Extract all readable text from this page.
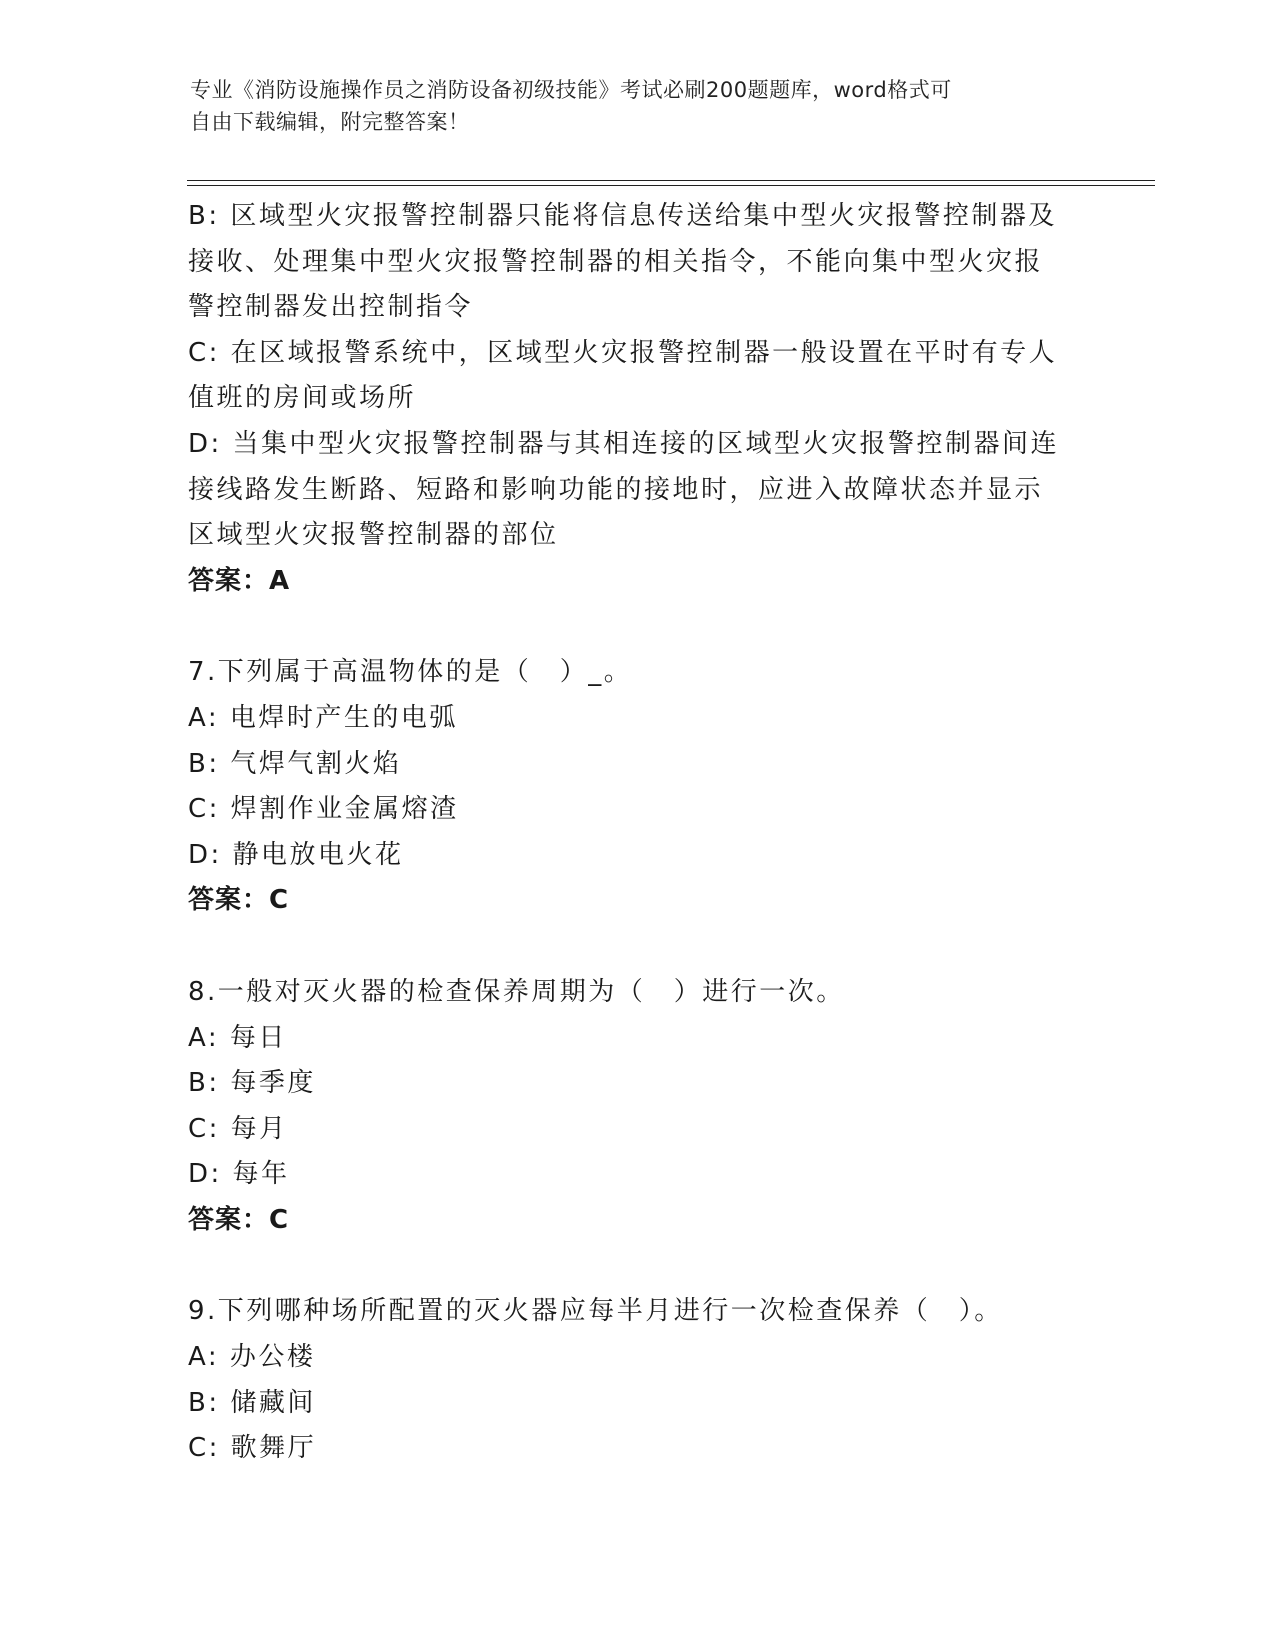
专业《消防设施操作员之消防设备初级技能》考试必刷200题题库，word格式可
自由下载编辑，附完整答案！
B: 区域型火灾报警控制器只能将信息传送给集中型火灾报警控制器及
接收、处理集中型火灾报警控制器的相关指令，不能向集中型火灾报
警控制器发出控制指令
C: 在区域报警系统中，区域型火灾报警控制器一般设置在平时有专人
值班的房间或场所
D: 当集中型火灾报警控制器与其相连接的区域型火灾报警控制器间连
接线路发生断路、短路和影响功能的接地时，应进入故障状态并显示
区域型火灾报警控制器的部位
答案：A
7.下列属于高温物体的是（　）_。
A: 电焊时产生的电弧
B: 气焊气割火焰
C: 焊割作业金属熔渣
D: 静电放电火花
答案：C
8.一般对灭火器的检查保养周期为（　）进行一次。
A: 每日
B: 每季度
C: 每月
D: 每年
答案：C
9.下列哪种场所配置的灭火器应每半月进行一次检查保养（　）。
A: 办公楼
B: 储藏间
C: 歌舞厅
